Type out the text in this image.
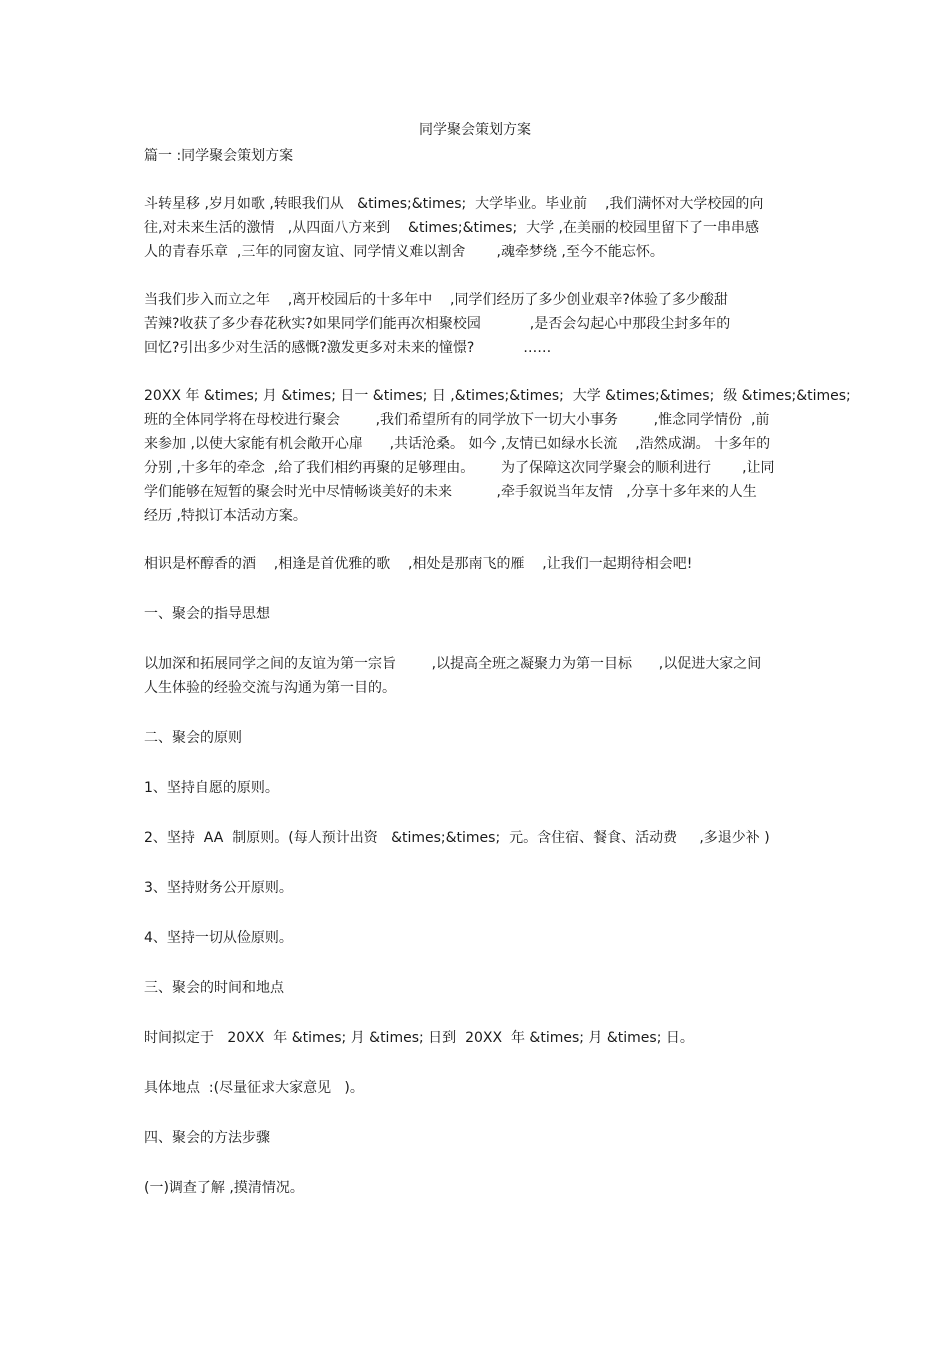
同学聚会策划方案
篇一 :同学聚会策划方案
斗转星移 ,岁月如歌 ,转眼我们从   &times;&times;  大学毕业。毕业前    ,我们满怀对大学校园的向
往,对未来生活的激情   ,从四面八方来到    &times;&times;  大学 ,在美丽的校园里留下了一串串感
人的青春乐章  ,三年的同窗友谊、同学情义难以割舍       ,魂牵梦绕 ,至今不能忘怀。
当我们步入而立之年    ,离开校园后的十多年中    ,同学们经历了多少创业艰辛?体验了多少酸甜
苦辣?收获了多少春花秋实?如果同学们能再次相聚校园           ,是否会勾起心中那段尘封多年的
回忆?引出多少对生活的感慨?激发更多对未来的憧憬?           ……
20XX 年 &times; 月 &times; 日一 &times; 日 ,&times;&times;  大学 &times;&times;  级 &times;&times;
班的全体同学将在母校进行聚会        ,我们希望所有的同学放下一切大小事务        ,惟念同学情份  ,前
来参加 ,以使大家能有机会敞开心扉      ,共话沧桑。 如今 ,友情已如绿水长流    ,浩然成湖。 十多年的
分别 ,十多年的牵念  ,给了我们相约再聚的足够理由。      为了保障这次同学聚会的顺利进行       ,让同
学们能够在短暂的聚会时光中尽情畅谈美好的未来          ,牵手叙说当年友情   ,分享十多年来的人生
经历 ,特拟订本活动方案。
相识是杯醇香的酒    ,相逢是首优雅的歌    ,相处是那南飞的雁    ,让我们一起期待相会吧!
一、聚会的指导思想
以加深和拓展同学之间的友谊为第一宗旨        ,以提高全班之凝聚力为第一目标      ,以促进大家之间
人生体验的经验交流与沟通为第一目的。
二、聚会的原则
1、坚持自愿的原则。
2、坚持  AA  制原则。(每人预计出资   &times;&times;  元。含住宿、餐食、活动费     ,多退少补 )
3、坚持财务公开原则。
4、坚持一切从俭原则。
三、聚会的时间和地点
时间拟定于   20XX  年 &times; 月 &times; 日到  20XX  年 &times; 月 &times; 日。
具体地点  :(尽量征求大家意见   )。
四、聚会的方法步骤
(一)调查了解 ,摸清情况。
